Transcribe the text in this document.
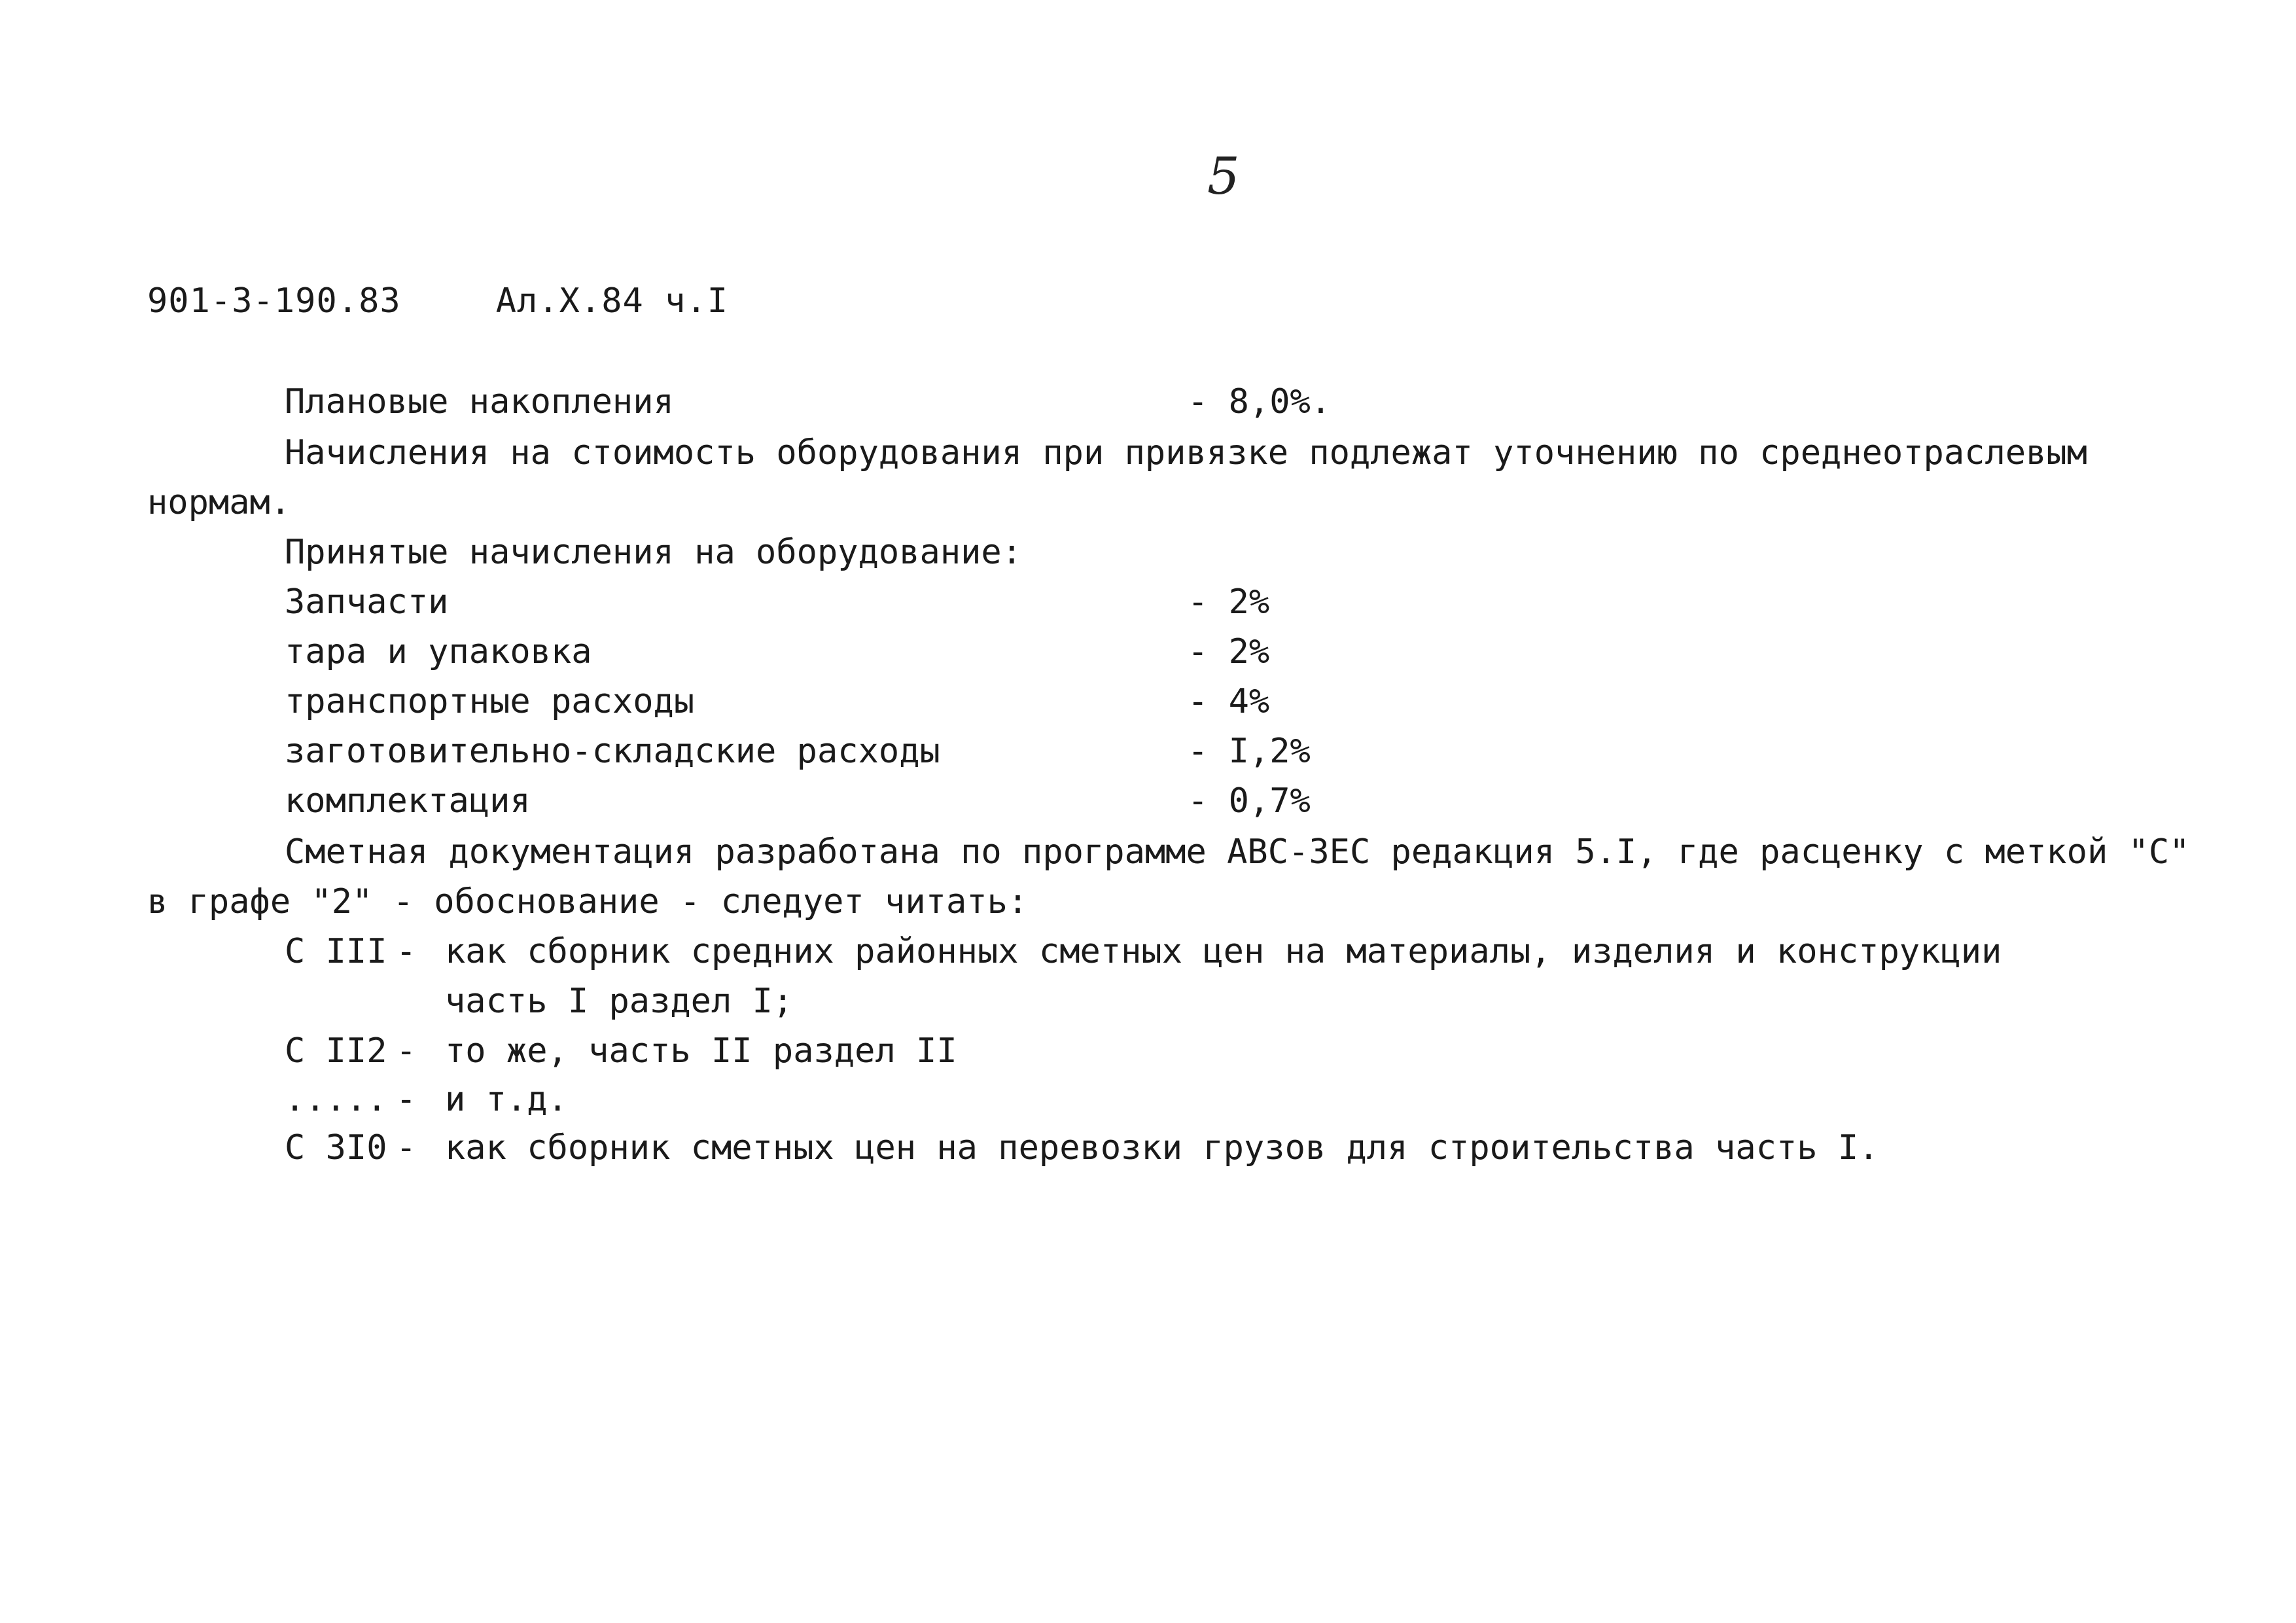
5
901-3-190.83	Ал.X.84 ч.I
Плановые накопления	- 8,0%.
Начисления на стоимость оборудования при привязке подлежат уточнению по среднеотраслевым
нормам.
Принятые начисления на оборудование:
Запчасти	- 2%
тара и упаковка	- 2%
транспортные расходы	- 4%
заготовительно-складские расходы	- I,2%
комплектация	- 0,7%
Сметная документация разработана по программе АВС-3ЕС редакция 5.I, где расценку с меткой "С"
в графе "2" - обоснование - следует читать:
С III - как сборник средних районных сметных цен на материалы, изделия и конструкции
часть I раздел I;
С II2 - то же, часть II раздел II
..... - и т.д.
С 3I0 - как сборник сметных цен на перевозки грузов для строительства часть I.
